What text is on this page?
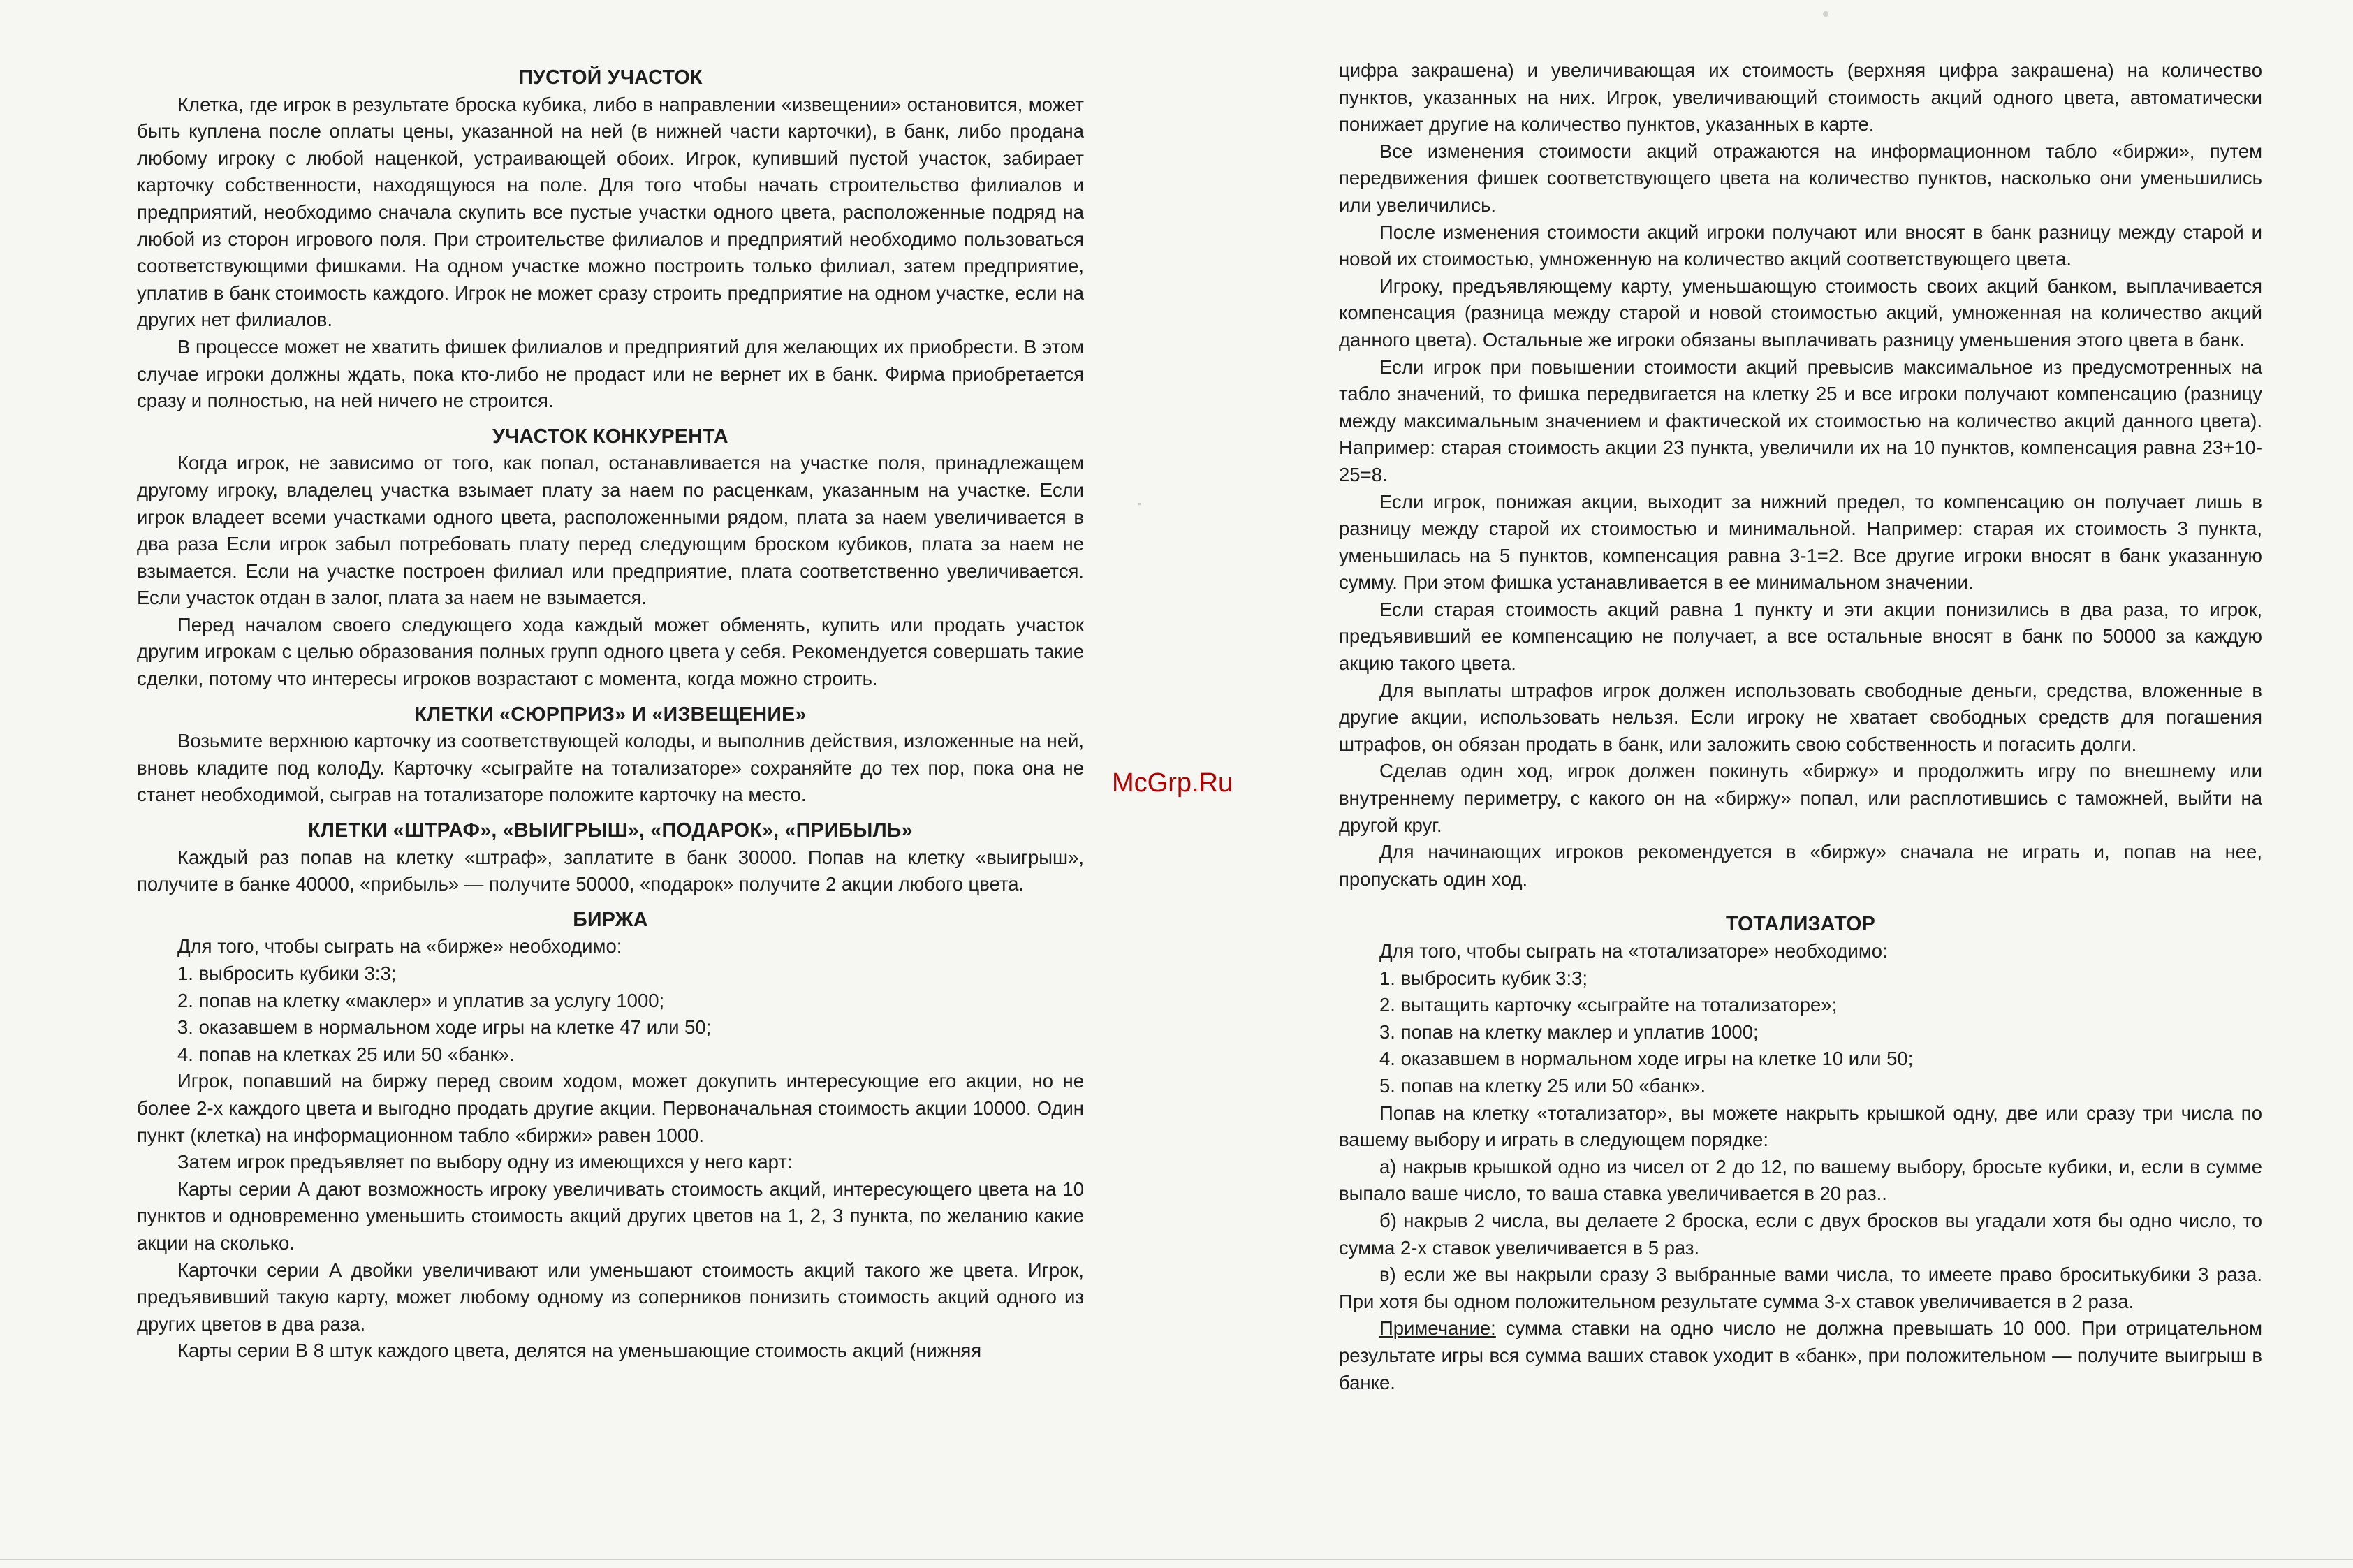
ПУСТОЙ УЧАСТОК

Клетка, где игрок в результате броска кубика, либо в направлении «извещении» остановится, может быть куплена после оплаты цены, указанной на ней (в нижней части карточки), в банк, либо продана любому игроку с любой наценкой, устраивающей обоих. Игрок, купивший пустой участок, забирает карточку собственности, находящуюся на поле. Для того чтобы начать строительство филиалов и предприятий, необходимо сначала скупить все пустые участки одного цвета, расположенные подряд на любой из сторон игрового поля. При строительстве филиалов и предприятий необходимо пользоваться соответствующими фишками. На одном участке можно построить только филиал, затем предприятие, уплатив в банк стоимость каждого. Игрок не может сразу строить предприятие на одном участке, если на других нет филиалов.

В процессе может не хватить фишек филиалов и предприятий для желающих их приобрести. В этом случае игроки должны ждать, пока кто-либо не продаст или не вернет их в банк. Фирма приобретается сразу и полностью, на ней ничего не строится.

УЧАСТОК КОНКУРЕНТА

Когда игрок, не зависимо от того, как попал, останавливается на участке поля, принадлежащем другому игроку, владелец участка взымает плату за наем по расценкам, указанным на участке. Если игрок владеет всеми участками одного цвета, расположенными рядом, плата за наем увеличивается в два раза Если игрок забыл потребовать плату перед следующим броском кубиков, плата за наем не взымается. Если на участке построен филиал или предприятие, плата соответственно увеличивается. Если участок отдан в залог, плата за наем не взымается.

Перед началом своего следующего хода каждый может обменять, купить или продать участок другим игрокам с целью образования полных групп одного цвета у себя. Рекомендуется совершать такие сделки, потому что интересы игроков возрастают с момента, когда можно строить.

КЛЕТКИ «СЮРПРИЗ» И «ИЗВЕЩЕНИЕ»

Возьмите верхнюю карточку из соответствующей колоды, и выполнив действия, изложенные на ней, вновь кладите под колоДу. Карточку «сыграйте на тотализаторе» сохраняйте до тех пор, пока она не станет необходимой, сыграв на тотализаторе положите карточку на место.

КЛЕТКИ «ШТРАФ», «ВЫИГРЫШ», «ПОДАРОК», «ПРИБЫЛЬ»

Каждый раз попав на клетку «штраф», заплатите в банк 30000. Попав на клетку «выигрыш», получите в банке 40000, «прибыль» — получите 50000, «подарок» получите 2 акции любого цвета.

БИРЖА

Для того, чтобы сыграть на «бирже» необходимо:

1. выбросить кубики 3:3;

2. попав на клетку «маклер» и уплатив за услугу 1000;

3. оказавшем в нормальном ходе игры на клетке 47 или 50;

4. попав на клетках 25 или 50 «банк».

Игрок, попавший на биржу перед своим ходом, может докупить интересующие его акции, но не более 2-х каждого цвета и выгодно продать другие акции. Первоначальная стоимость акции 10000. Один пункт (клетка) на информационном табло «биржи» равен 1000.

Затем игрок предъявляет по выбору одну из имеющихся у него карт:

Карты серии А дают возможность игроку увеличивать стоимость акций, интересующего цвета на 10 пунктов и одновременно уменьшить стоимость акций других цветов на 1, 2, 3 пункта, по желанию какие акции на сколько.

Карточки серии А двойки увеличивают или уменьшают стоимость акций такого же цвета. Игрок, предъявивший такую карту, может любому одному из соперников понизить стоимость акций одного из других цветов в два раза.

Карты серии В 8 штук каждого цвета, делятся на уменьшающие стоимость акций (нижняя

McGrp.Ru

цифра закрашена) и увеличивающая их стоимость (верхняя цифра закрашена) на количество пунктов, указанных на них. Игрок, увеличивающий стоимость акций одного цвета, автоматически понижает другие на количество пунктов, указанных в карте.

Все изменения стоимости акций отражаются на информационном табло «биржи», путем передвижения фишек соответствующего цвета на количество пунктов, насколько они уменьшились или увеличились.

После изменения стоимости акций игроки получают или вносят в банк разницу между старой и новой их стоимостью, умноженную на количество акций соответствующего цвета.

Игроку, предъявляющему карту, уменьшающую стоимость своих акций банком, выплачивается компенсация (разница между старой и новой стоимостью акций, умноженная на количество акций данного цвета). Остальные же игроки обязаны выплачивать разницу уменьшения этого цвета в банк.

Если игрок при повышении стоимости акций превысив максимальное из предусмотренных на табло значений, то фишка передвигается на клетку 25 и все игроки получают компенсацию (разницу между максимальным значением и фактической их стоимостью на количество акций данного цвета). Например: старая стоимость акции 23 пункта, увеличили их на 10 пунктов, компенсация равна 23+10-25=8.

Если игрок, понижая акции, выходит за нижний предел, то компенсацию он получает лишь в разницу между старой их стоимостью и минимальной. Например: старая их стоимость 3 пункта, уменьшилась на 5 пунктов, компенсация равна 3-1=2. Все другие игроки вносят в банк указанную сумму. При этом фишка устанавливается в ее минимальном значении.

Если старая стоимость акций равна 1 пункту и эти акции понизились в два раза, то игрок, предъявивший ее компенсацию не получает, а все остальные вносят в банк по 50000 за каждую акцию такого цвета.

Для выплаты штрафов игрок должен использовать свободные деньги, средства, вложенные в другие акции, использовать нельзя. Если игроку не хватает свободных средств для погашения штрафов, он обязан продать в банк, или заложить свою собственность и погасить долги.

Сделав один ход, игрок должен покинуть «биржу» и продолжить игру по внешнему или внутреннему периметру, с какого он на «биржу» попал, или расплотившись с таможней, выйти на другой круг.

Для начинающих игроков рекомендуется в «биржу» сначала не играть и, попав на нее, пропускать один ход.

ТОТАЛИЗАТОР

Для того, чтобы сыграть на «тотализаторе» необходимо:

1. выбросить кубик 3:3;

2. вытащить карточку «сыграйте на тотализаторе»;

3. попав на клетку маклер и уплатив 1000;

4. оказавшем в нормальном ходе игры на клетке 10 или 50;

5. попав на клетку 25 или 50 «банк».

Попав на клетку «тотализатор», вы можете накрыть крышкой одну, две или сразу три числа по вашему выбору и играть в следующем порядке:

а) накрыв крышкой одно из чисел от 2 до 12, по вашему выбору, бросьте кубики, и, если в сумме выпало ваше число, то ваша ставка увеличивается в 20 раз..

б) накрыв 2 числа, вы делаете 2 броска, если с двух бросков вы угадали хотя бы одно число, то сумма 2-х ставок увеличивается в 5 раз.

в) если же вы накрыли сразу 3 выбранные вами числа, то имеете право броситькубики 3 раза. При хотя бы одном положительном результате сумма 3-х ставок увеличивается в 2 раза.

Примечание: сумма ставки на одно число не должна превышать 10 000. При отрицательном результате игры вся сумма ваших ставок уходит в «банк», при положительном — получите выигрыш в банке.
